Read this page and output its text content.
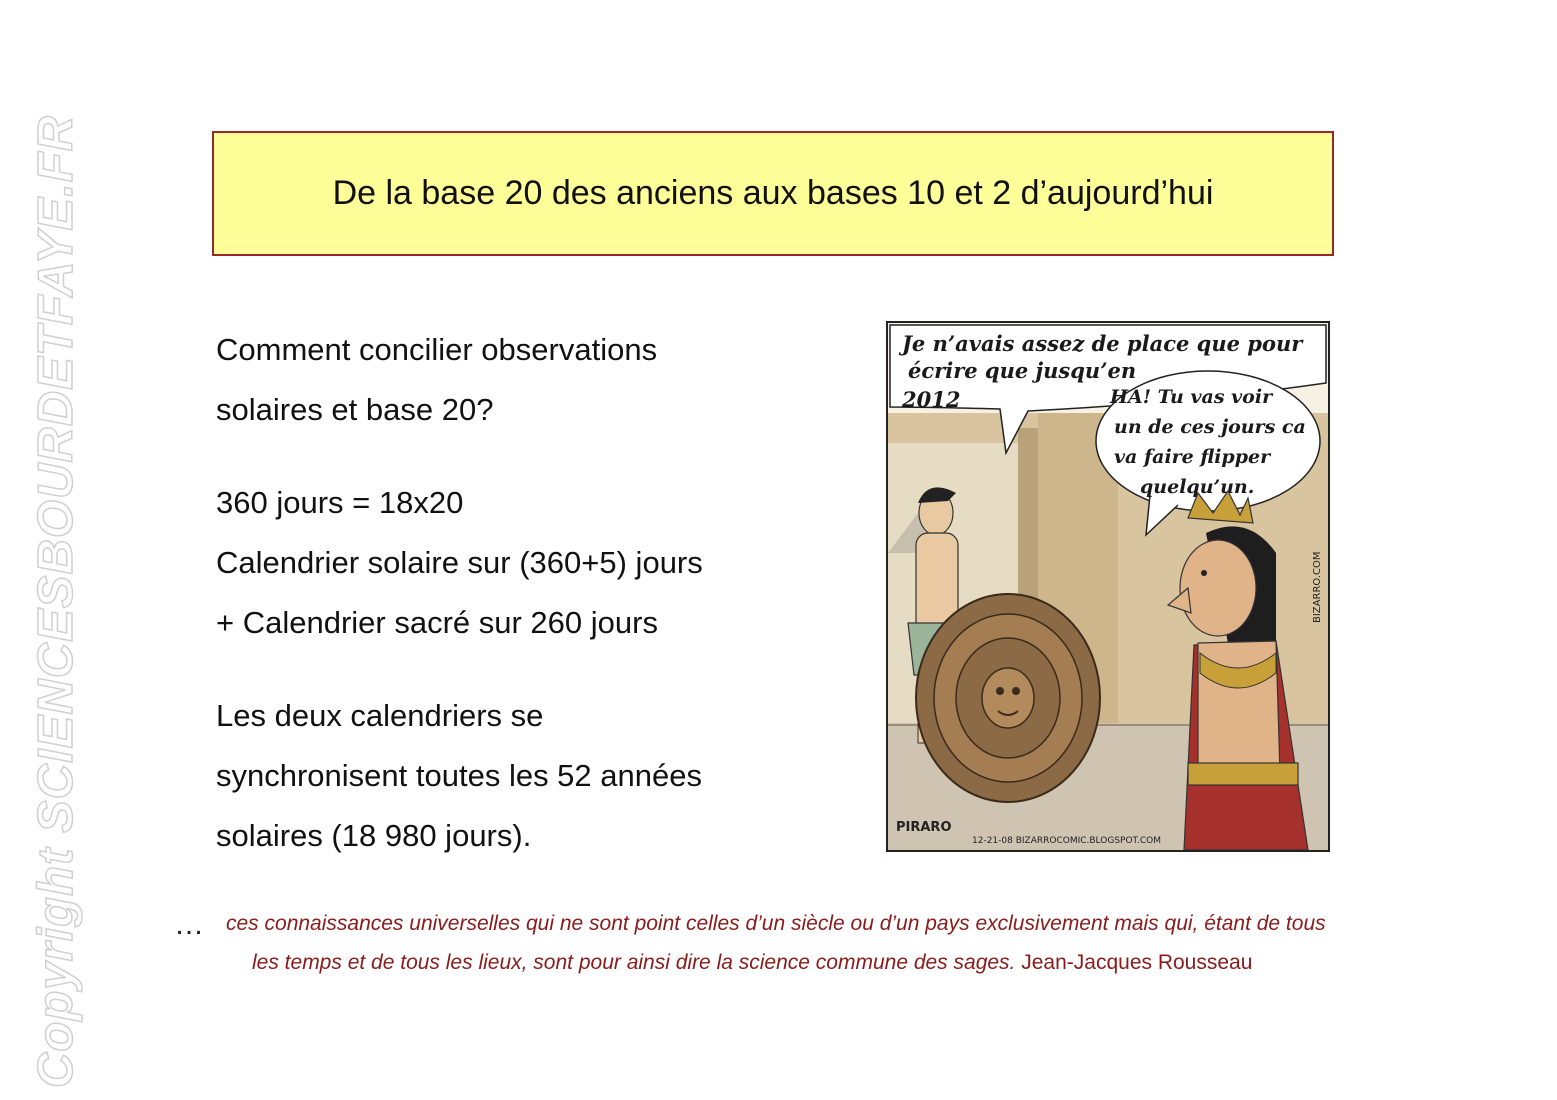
Copyright SCIENCESBOURDETFAYE.FR	De la base 20 des anciens aux bases 10 et 2 d’aujourd’hui

Comment concilier observations

solaires et base 20?

360 jours = 18x20

Calendrier solaire sur (360+5) jours

+ Calendrier sacré sur 260 jours

Les deux calendriers se

synchronisent toutes les 52 années

solaires (18 980 jours).

Je n’avais assez de place que pour
écrire que jusqu’en
2012	HA! Tu vas voir
un de ces jours ca
va faire flipper
quelqu’un.
PIRARO
12-21-08 BIZARROCOMIC.BLOGSPOT.COM
BIZARRO.COM
… ces connaissances universelles qui ne sont point celles d’un siècle ou d’un pays exclusivement mais qui, étant de tous
les temps et de tous les lieux, sont pour ainsi dire la science commune des sages. Jean-Jacques Rousseau
